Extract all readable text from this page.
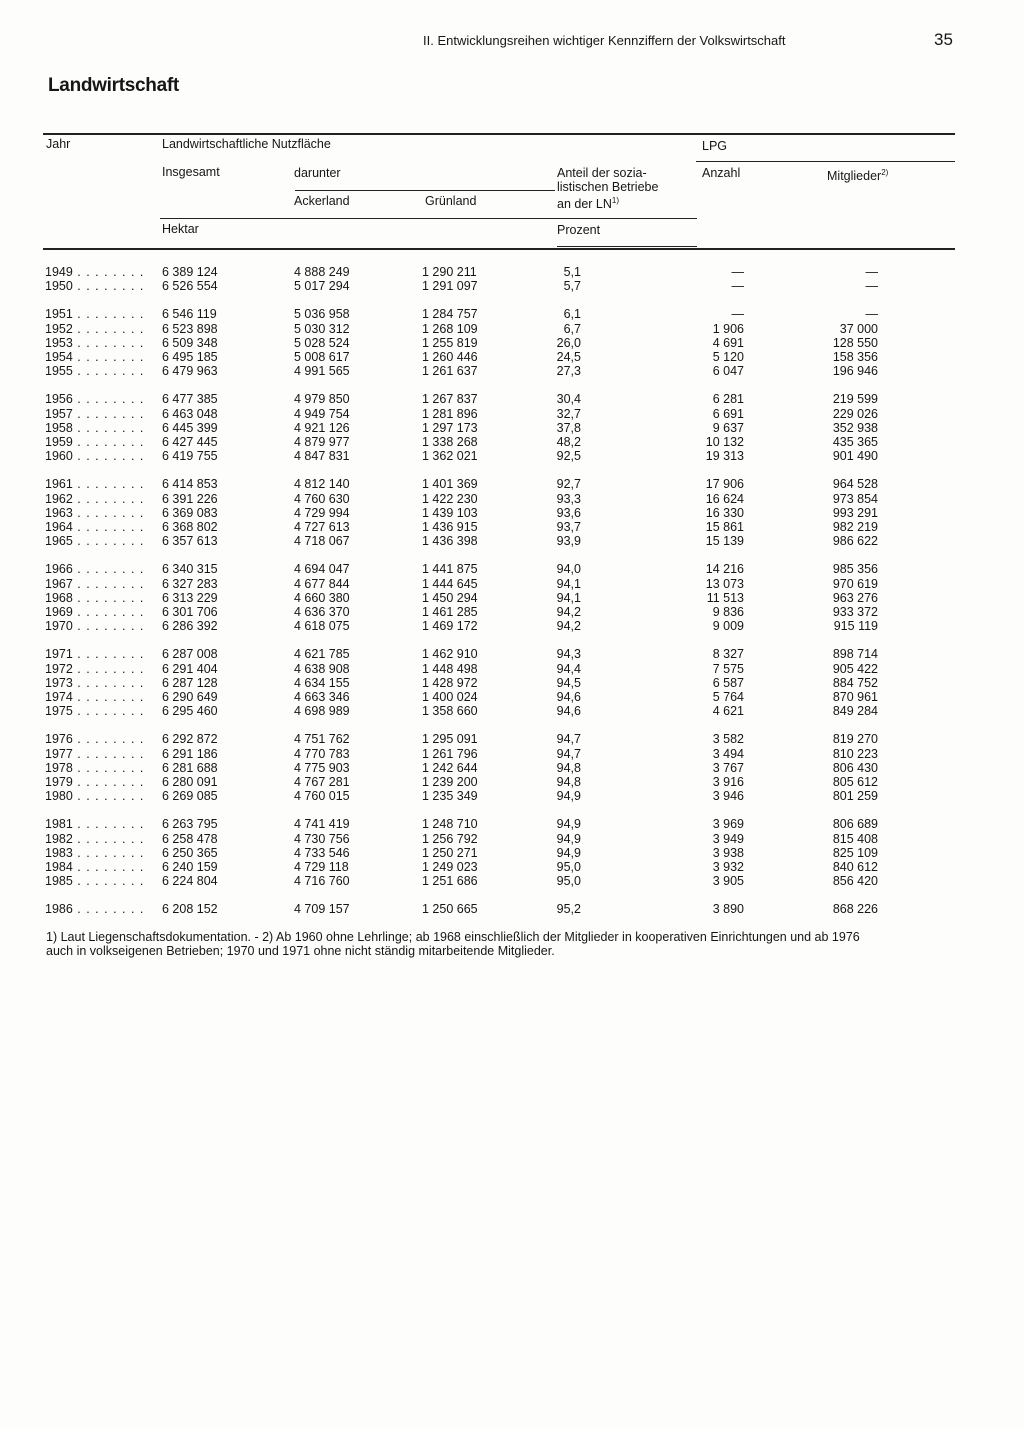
II. Entwicklungsreihen wichtiger Kennziffern der Volkswirtschaft	35
Landwirtschaft
Jahr	Landwirtschaftliche Nutzfläche	LPG
Insgesamt	darunter
Ackerland	Grünland
Anteil der sozia-
listischen Betriebe
an der LN$^{1)}$
Anzahl	Mitglieder$^{2)}$
Hektar	Prozent
1949 . . . . . . . . 6 389 124	4 888 249	1 290 211	5,1	—	—
1950 . . . . . . . . 6 526 554	5 017 294	1 291 097	5,7	—	—
1951 . . . . . . . . 6 546 119	5 036 958	1 284 757	6,1	—	—
1952 . . . . . . . . 6 523 898	5 030 312	1 268 109	6,7	1 906	37 000
1953 . . . . . . . . 6 509 348	5 028 524	1 255 819	26,0	4 691	128 550
1954 . . . . . . . . 6 495 185	5 008 617	1 260 446	24,5	5 120	158 356
1955 . . . . . . . . 6 479 963	4 991 565	1 261 637	27,3	6 047	196 946
1956 . . . . . . . . 6 477 385	4 979 850	1 267 837	30,4	6 281	219 599
1957 . . . . . . . . 6 463 048	4 949 754	1 281 896	32,7	6 691	229 026
1958 . . . . . . . . 6 445 399	4 921 126	1 297 173	37,8	9 637	352 938
1959 . . . . . . . . 6 427 445	4 879 977	1 338 268	48,2	10 132	435 365
1960 . . . . . . . . 6 419 755	4 847 831	1 362 021	92,5	19 313	901 490
1961 . . . . . . . . 6 414 853	4 812 140	1 401 369	92,7	17 906	964 528
1962 . . . . . . . . 6 391 226	4 760 630	1 422 230	93,3	16 624	973 854
1963 . . . . . . . . 6 369 083	4 729 994	1 439 103	93,6	16 330	993 291
1964 . . . . . . . . 6 368 802	4 727 613	1 436 915	93,7	15 861	982 219
1965 . . . . . . . . 6 357 613	4 718 067	1 436 398	93,9	15 139	986 622
1966 . . . . . . . . 6 340 315	4 694 047	1 441 875	94,0	14 216	985 356
1967 . . . . . . . . 6 327 283	4 677 844	1 444 645	94,1	13 073	970 619
1968 . . . . . . . . 6 313 229	4 660 380	1 450 294	94,1	11 513	963 276
1969 . . . . . . . . 6 301 706	4 636 370	1 461 285	94,2	9 836	933 372
1970 . . . . . . . . 6 286 392	4 618 075	1 469 172	94,2	9 009	915 119
1971 . . . . . . . . 6 287 008	4 621 785	1 462 910	94,3	8 327	898 714
1972 . . . . . . . . 6 291 404	4 638 908	1 448 498	94,4	7 575	905 422
1973 . . . . . . . . 6 287 128	4 634 155	1 428 972	94,5	6 587	884 752
1974 . . . . . . . . 6 290 649	4 663 346	1 400 024	94,6	5 764	870 961
1975 . . . . . . . . 6 295 460	4 698 989	1 358 660	94,6	4 621	849 284
1976 . . . . . . . . 6 292 872	4 751 762	1 295 091	94,7	3 582	819 270
1977 . . . . . . . . 6 291 186	4 770 783	1 261 796	94,7	3 494	810 223
1978 . . . . . . . . 6 281 688	4 775 903	1 242 644	94,8	3 767	806 430
1979 . . . . . . . . 6 280 091	4 767 281	1 239 200	94,8	3 916	805 612
1980 . . . . . . . . 6 269 085	4 760 015	1 235 349	94,9	3 946	801 259
1981 . . . . . . . . 6 263 795	4 741 419	1 248 710	94,9	3 969	806 689
1982 . . . . . . . . 6 258 478	4 730 756	1 256 792	94,9	3 949	815 408
1983 . . . . . . . . 6 250 365	4 733 546	1 250 271	94,9	3 938	825 109
1984 . . . . . . . . 6 240 159	4 729 118	1 249 023	95,0	3 932	840 612
1985 . . . . . . . . 6 224 804	4 716 760	1 251 686	95,0	3 905	856 420
1986 . . . . . . . . 6 208 152	4 709 157	1 250 665	95,2	3 890	868 226
1) Laut Liegenschaftsdokumentation. - 2) Ab 1960 ohne Lehrlinge; ab 1968 einschließlich der Mitglieder in kooperativen Einrichtungen und ab 1976
auch in volkseigenen Betrieben; 1970 und 1971 ohne nicht ständig mitarbeitende Mitglieder.
